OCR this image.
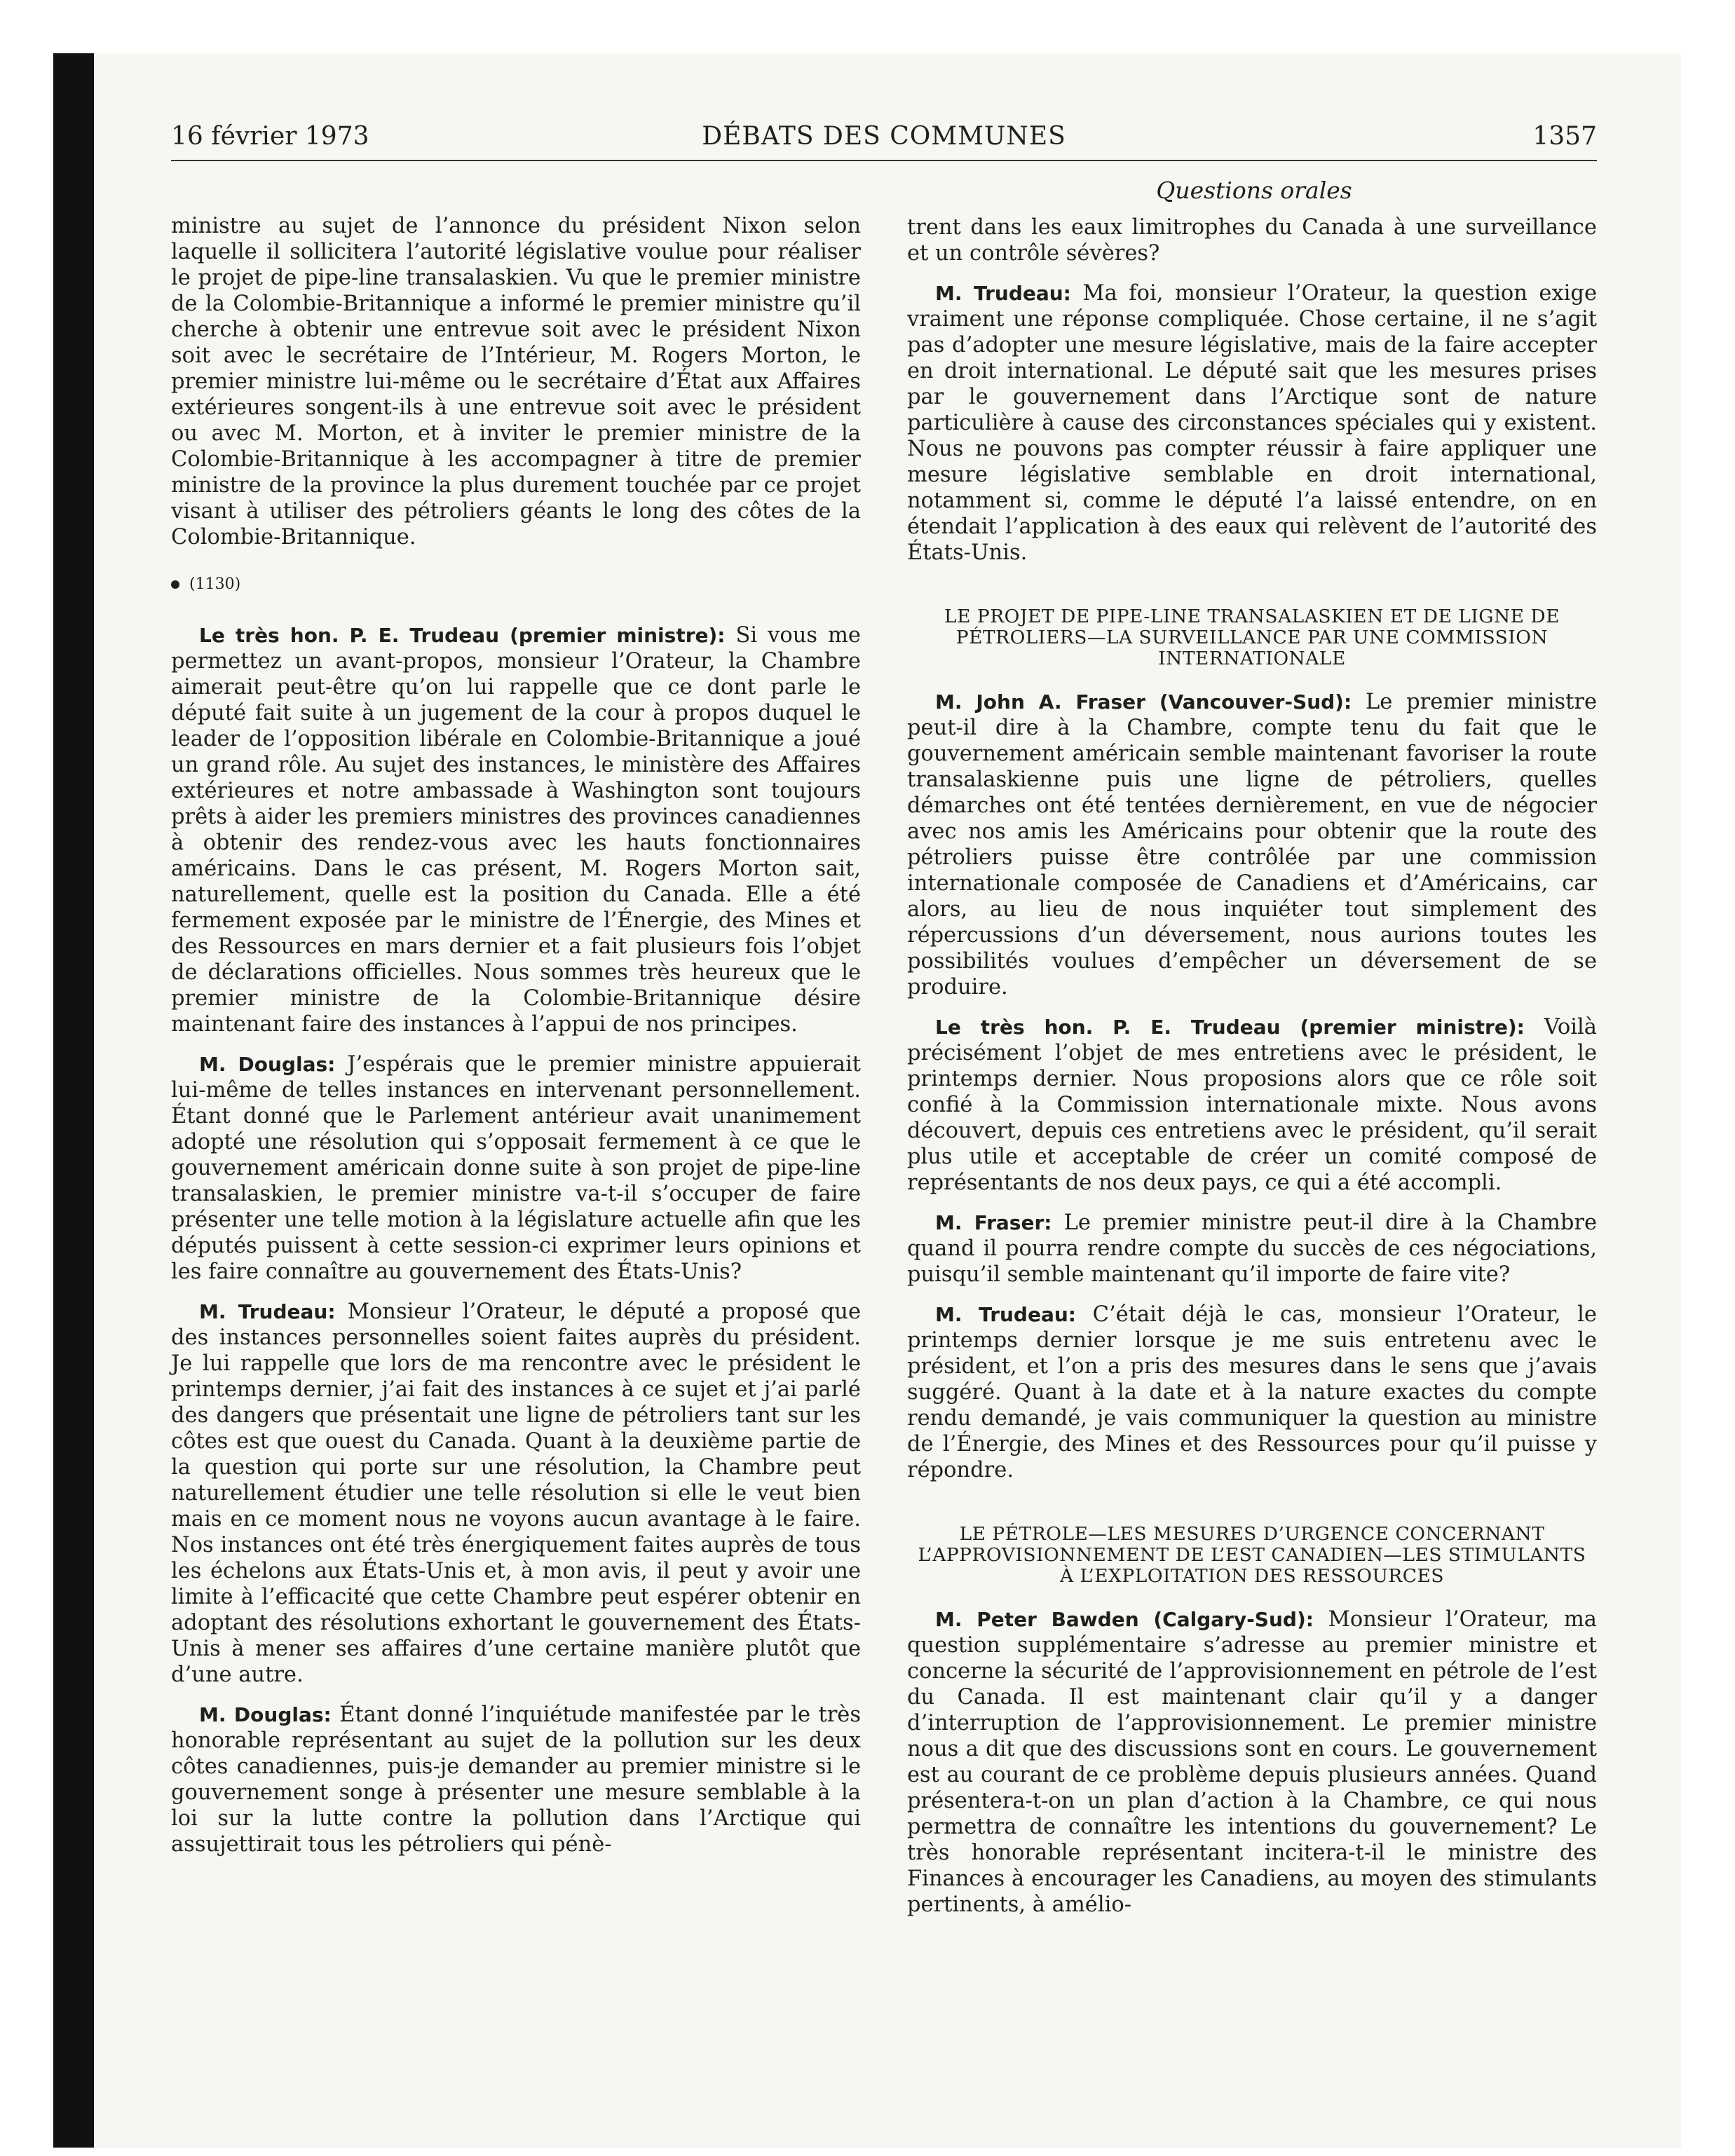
16 février 1973	DÉBATS DES COMMUNES	1357
Questions orales

ministre au sujet de l’annonce du président Nixon selon laquelle il sollicitera l’autorité législative voulue pour réaliser le projet de pipe-line transalaskien. Vu que le premier ministre de la Colombie-Britannique a informé le premier ministre qu’il cherche à obtenir une entrevue soit avec le président Nixon soit avec le secrétaire de l’Intérieur, M. Rogers Morton, le premier ministre lui-même ou le secrétaire d’État aux Affaires extérieures songent-ils à une entrevue soit avec le président ou avec M. Morton, et à inviter le premier ministre de la Colombie-Britannique à les accompagner à titre de premier ministre de la province la plus durement touchée par ce projet visant à utiliser des pétroliers géants le long des côtes de la Colombie-Britannique.

(1130)

Le très hon. P. E. Trudeau (premier ministre): Si vous me permettez un avant-propos, monsieur l’Orateur, la Chambre aimerait peut-être qu’on lui rappelle que ce dont parle le député fait suite à un jugement de la cour à propos duquel le leader de l’opposition libérale en Colombie-Britannique a joué un grand rôle. Au sujet des instances, le ministère des Affaires extérieures et notre ambassade à Washington sont toujours prêts à aider les premiers ministres des provinces canadiennes à obtenir des rendez-vous avec les hauts fonctionnaires américains. Dans le cas présent, M. Rogers Morton sait, naturellement, quelle est la position du Canada. Elle a été fermement exposée par le ministre de l’Énergie, des Mines et des Ressources en mars dernier et a fait plusieurs fois l’objet de déclarations officielles. Nous sommes très heureux que le premier ministre de la Colombie-Britannique désire maintenant faire des instances à l’appui de nos principes.

M. Douglas: J’espérais que le premier ministre appuierait lui-même de telles instances en intervenant personnellement. Étant donné que le Parlement antérieur avait unanimement adopté une résolution qui s’opposait fermement à ce que le gouvernement américain donne suite à son projet de pipe-line transalaskien, le premier ministre va-t-il s’occuper de faire présenter une telle motion à la législature actuelle afin que les députés puissent à cette session-ci exprimer leurs opinions et les faire connaître au gouvernement des États-Unis?

M. Trudeau: Monsieur l’Orateur, le député a proposé que des instances personnelles soient faites auprès du président. Je lui rappelle que lors de ma rencontre avec le président le printemps dernier, j’ai fait des instances à ce sujet et j’ai parlé des dangers que présentait une ligne de pétroliers tant sur les côtes est que ouest du Canada. Quant à la deuxième partie de la question qui porte sur une résolution, la Chambre peut naturellement étudier une telle résolution si elle le veut bien mais en ce moment nous ne voyons aucun avantage à le faire. Nos instances ont été très énergiquement faites auprès de tous les échelons aux États-Unis et, à mon avis, il peut y avoir une limite à l’efficacité que cette Chambre peut espérer obtenir en adoptant des résolutions exhortant le gouvernement des États-Unis à mener ses affaires d’une certaine manière plutôt que d’une autre.

M. Douglas: Étant donné l’inquiétude manifestée par le très honorable représentant au sujet de la pollution sur les deux côtes canadiennes, puis-je demander au premier ministre si le gouvernement songe à présenter une mesure semblable à la loi sur la lutte contre la pollution dans l’Arctique qui assujettirait tous les pétroliers qui pénè-

trent dans les eaux limitrophes du Canada à une surveillance et un contrôle sévères?

M. Trudeau: Ma foi, monsieur l’Orateur, la question exige vraiment une réponse compliquée. Chose certaine, il ne s’agit pas d’adopter une mesure législative, mais de la faire accepter en droit international. Le député sait que les mesures prises par le gouvernement dans l’Arctique sont de nature particulière à cause des circonstances spéciales qui y existent. Nous ne pouvons pas compter réussir à faire appliquer une mesure législative semblable en droit international, notamment si, comme le député l’a laissé entendre, on en étendait l’application à des eaux qui relèvent de l’autorité des États-Unis.

LE PROJET DE PIPE-LINE TRANSALASKIEN ET DE LIGNE DE PÉTROLIERS—LA SURVEILLANCE PAR UNE COMMISSION INTERNATIONALE

M. John A. Fraser (Vancouver-Sud): Le premier ministre peut-il dire à la Chambre, compte tenu du fait que le gouvernement américain semble maintenant favoriser la route transalaskienne puis une ligne de pétroliers, quelles démarches ont été tentées dernièrement, en vue de négocier avec nos amis les Américains pour obtenir que la route des pétroliers puisse être contrôlée par une commission internationale composée de Canadiens et d’Américains, car alors, au lieu de nous inquiéter tout simplement des répercussions d’un déversement, nous aurions toutes les possibilités voulues d’empêcher un déversement de se produire.

Le très hon. P. E. Trudeau (premier ministre): Voilà précisément l’objet de mes entretiens avec le président, le printemps dernier. Nous proposions alors que ce rôle soit confié à la Commission internationale mixte. Nous avons découvert, depuis ces entretiens avec le président, qu’il serait plus utile et acceptable de créer un comité composé de représentants de nos deux pays, ce qui a été accompli.

M. Fraser: Le premier ministre peut-il dire à la Chambre quand il pourra rendre compte du succès de ces négociations, puisqu’il semble maintenant qu’il importe de faire vite?

M. Trudeau: C’était déjà le cas, monsieur l’Orateur, le printemps dernier lorsque je me suis entretenu avec le président, et l’on a pris des mesures dans le sens que j’avais suggéré. Quant à la date et à la nature exactes du compte rendu demandé, je vais communiquer la question au ministre de l’Énergie, des Mines et des Ressources pour qu’il puisse y répondre.

LE PÉTROLE—LES MESURES D’URGENCE CONCERNANT L’APPROVISIONNEMENT DE L’EST CANADIEN—LES STIMULANTS À L’EXPLOITATION DES RESSOURCES

M. Peter Bawden (Calgary-Sud): Monsieur l’Orateur, ma question supplémentaire s’adresse au premier ministre et concerne la sécurité de l’approvisionnement en pétrole de l’est du Canada. Il est maintenant clair qu’il y a danger d’interruption de l’approvisionnement. Le premier ministre nous a dit que des discussions sont en cours. Le gouvernement est au courant de ce problème depuis plusieurs années. Quand présentera-t-on un plan d’action à la Chambre, ce qui nous permettra de connaître les intentions du gouvernement? Le très honorable représentant incitera-t-il le ministre des Finances à encourager les Canadiens, au moyen des stimulants pertinents, à amélio-
